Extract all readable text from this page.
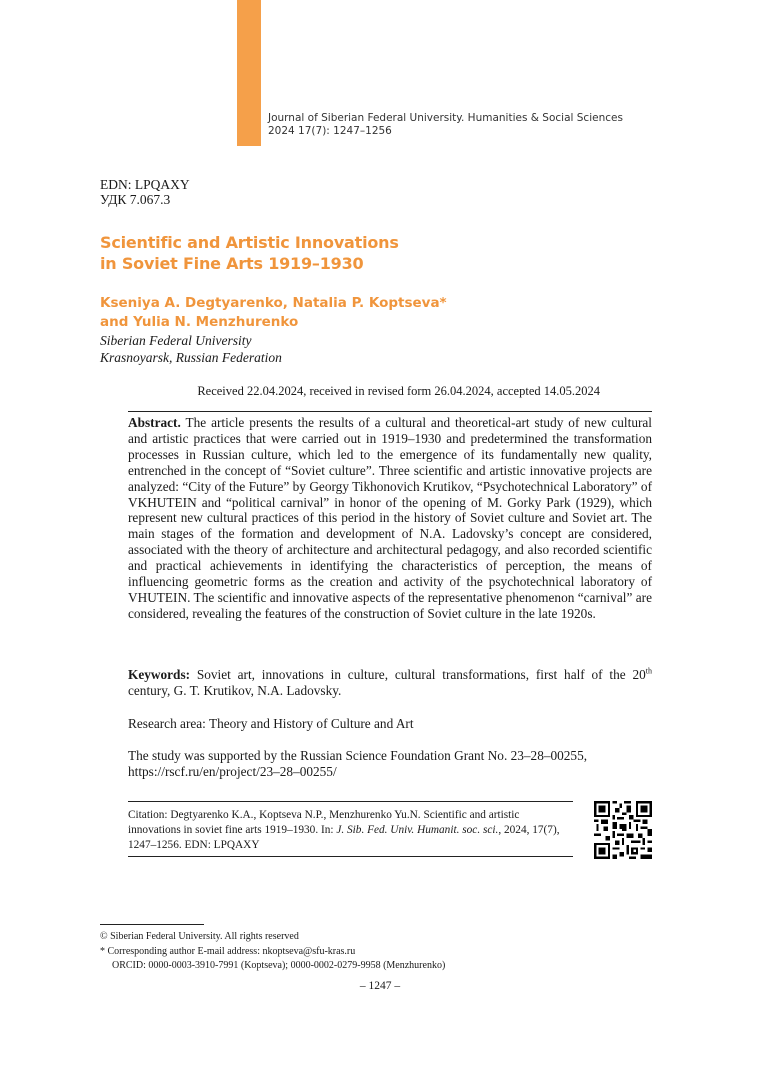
Journal of Siberian Federal University. Humanities & Social Sciences
2024 17(7): 1247–1256
EDN: LPQAXY
УДК 7.067.3
Scientific and Artistic Innovations
in Soviet Fine Arts 1919–1930
Kseniya A. Degtyarenko, Natalia P. Koptseva*
and Yulia N. Menzhurenko
Siberian Federal University
Krasnoyarsk, Russian Federation
Received 22.04.2024, received in revised form 26.04.2024, accepted 14.05.2024
Abstract. The article presents the results of a cultural and theoretical-art study of new cultural and artistic practices that were carried out in 1919–1930 and predetermined the transformation processes in Russian culture, which led to the emergence of its fundamentally new quality, entrenched in the concept of “Soviet culture”. Three scientific and artistic innovative projects are analyzed: “City of the Future” by Georgy Tikhonovich Krutikov, “Psychotechnical Laboratory” of VKHUTEIN and “political carnival” in honor of the opening of M. Gorky Park (1929), which represent new cultural practices of this period in the history of Soviet culture and Soviet art. The main stages of the formation and development of N.A. Ladovsky’s concept are considered, associated with the theory of architecture and architectural pedagogy, and also recorded scientific and practical achievements in identifying the characteristics of perception, the means of influencing geometric forms as the creation and activity of the psychotechnical laboratory of VHUTEIN. The scientific and innovative aspects of the representative phenomenon “carnival” are considered, revealing the features of the construction of Soviet culture in the late 1920s.
Keywords: Soviet art, innovations in culture, cultural transformations, first half of the 20th century, G. T. Krutikov, N.A. Ladovsky.
Research area: Theory and History of Culture and Art
The study was supported by the Russian Science Foundation Grant No. 23–28–00255, https://rscf.ru/en/project/23–28–00255/
Citation: Degtyarenko K.A., Koptseva N.P., Menzhurenko Yu.N. Scientific and artistic innovations in soviet fine arts 1919–1930. In: J. Sib. Fed. Univ. Humanit. soc. sci., 2024, 17(7), 1247–1256. EDN: LPQAXY
© Siberian Federal University. All rights reserved
* Corresponding author E-mail address: nkoptseva@sfu-kras.ru
ORCID: 0000-0003-3910-7991 (Koptseva); 0000-0002-0279-9958 (Menzhurenko)
– 1247 –
